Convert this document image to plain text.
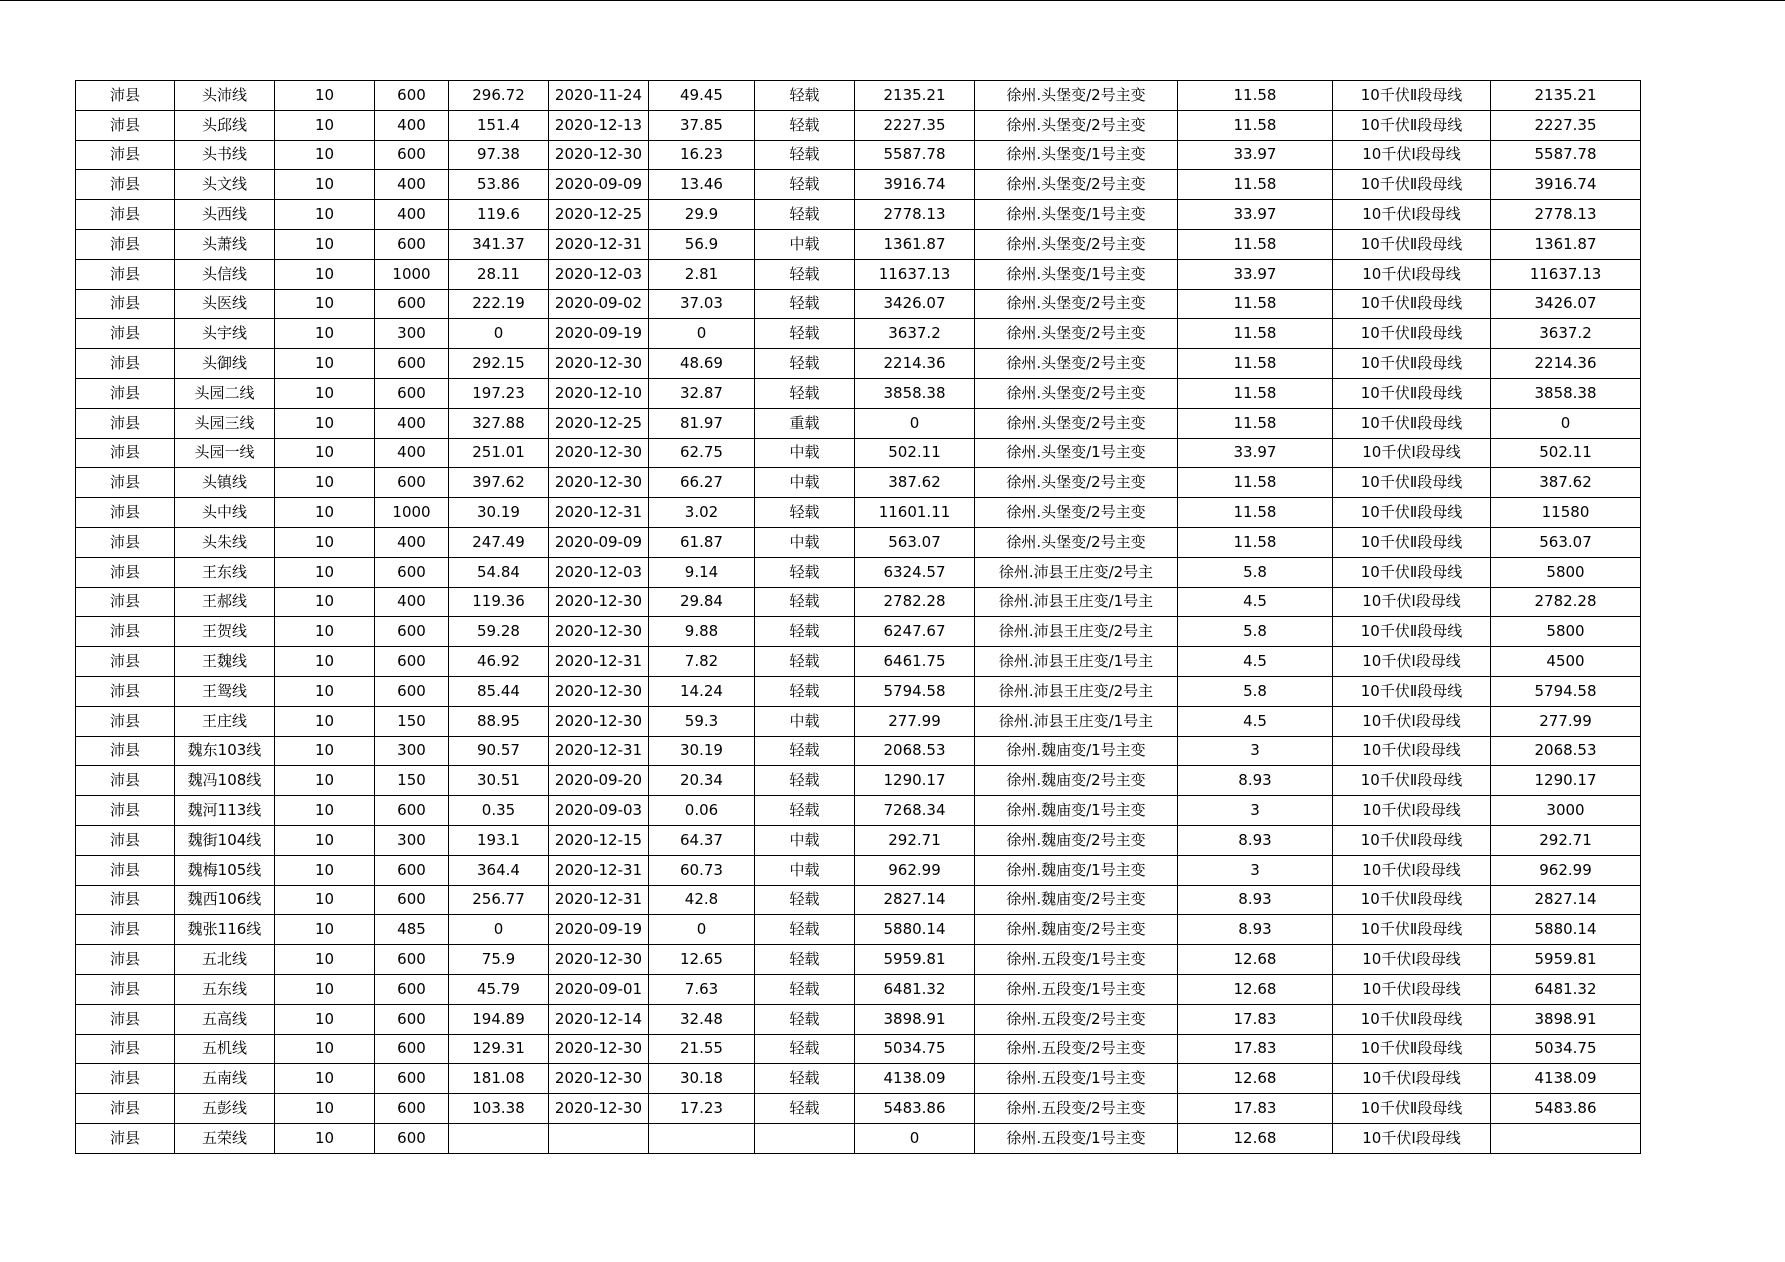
沛县	头沛线	10	600	296.72	2020-11-24	49.45	轻载	2135.21	徐州.头堡变/2号主变	11.58	10千伏Ⅱ段母线	2135.21
沛县	头邱线	10	400	151.4	2020-12-13	37.85	轻载	2227.35	徐州.头堡变/2号主变	11.58	10千伏Ⅱ段母线	2227.35
沛县	头书线	10	600	97.38	2020-12-30	16.23	轻载	5587.78	徐州.头堡变/1号主变	33.97	10千伏Ⅰ段母线	5587.78
沛县	头文线	10	400	53.86	2020-09-09	13.46	轻载	3916.74	徐州.头堡变/2号主变	11.58	10千伏Ⅱ段母线	3916.74
沛县	头西线	10	400	119.6	2020-12-25	29.9	轻载	2778.13	徐州.头堡变/1号主变	33.97	10千伏Ⅰ段母线	2778.13
沛县	头萧线	10	600	341.37	2020-12-31	56.9	中载	1361.87	徐州.头堡变/2号主变	11.58	10千伏Ⅱ段母线	1361.87
沛县	头信线	10	1000	28.11	2020-12-03	2.81	轻载	11637.13	徐州.头堡变/1号主变	33.97	10千伏Ⅰ段母线	11637.13
沛县	头医线	10	600	222.19	2020-09-02	37.03	轻载	3426.07	徐州.头堡变/2号主变	11.58	10千伏Ⅱ段母线	3426.07
沛县	头宇线	10	300	0	2020-09-19	0	轻载	3637.2	徐州.头堡变/2号主变	11.58	10千伏Ⅱ段母线	3637.2
沛县	头御线	10	600	292.15	2020-12-30	48.69	轻载	2214.36	徐州.头堡变/2号主变	11.58	10千伏Ⅱ段母线	2214.36
沛县	头园二线	10	600	197.23	2020-12-10	32.87	轻载	3858.38	徐州.头堡变/2号主变	11.58	10千伏Ⅱ段母线	3858.38
沛县	头园三线	10	400	327.88	2020-12-25	81.97	重载	0	徐州.头堡变/2号主变	11.58	10千伏Ⅱ段母线	0
沛县	头园一线	10	400	251.01	2020-12-30	62.75	中载	502.11	徐州.头堡变/1号主变	33.97	10千伏Ⅰ段母线	502.11
沛县	头镇线	10	600	397.62	2020-12-30	66.27	中载	387.62	徐州.头堡变/2号主变	11.58	10千伏Ⅱ段母线	387.62
沛县	头中线	10	1000	30.19	2020-12-31	3.02	轻载	11601.11	徐州.头堡变/2号主变	11.58	10千伏Ⅱ段母线	11580
沛县	头朱线	10	400	247.49	2020-09-09	61.87	中载	563.07	徐州.头堡变/2号主变	11.58	10千伏Ⅱ段母线	563.07
沛县	王东线	10	600	54.84	2020-12-03	9.14	轻载	6324.57	徐州.沛县王庄变/2号主	5.8	10千伏Ⅱ段母线	5800
沛县	王郝线	10	400	119.36	2020-12-30	29.84	轻载	2782.28	徐州.沛县王庄变/1号主	4.5	10千伏Ⅰ段母线	2782.28
沛县	王贺线	10	600	59.28	2020-12-30	9.88	轻载	6247.67	徐州.沛县王庄变/2号主	5.8	10千伏Ⅱ段母线	5800
沛县	王魏线	10	600	46.92	2020-12-31	7.82	轻载	6461.75	徐州.沛县王庄变/1号主	4.5	10千伏Ⅰ段母线	4500
沛县	王鸳线	10	600	85.44	2020-12-30	14.24	轻载	5794.58	徐州.沛县王庄变/2号主	5.8	10千伏Ⅱ段母线	5794.58
沛县	王庄线	10	150	88.95	2020-12-30	59.3	中载	277.99	徐州.沛县王庄变/1号主	4.5	10千伏Ⅰ段母线	277.99
沛县	魏东103线	10	300	90.57	2020-12-31	30.19	轻载	2068.53	徐州.魏庙变/1号主变	3	10千伏Ⅰ段母线	2068.53
沛县	魏冯108线	10	150	30.51	2020-09-20	20.34	轻载	1290.17	徐州.魏庙变/2号主变	8.93	10千伏Ⅱ段母线	1290.17
沛县	魏河113线	10	600	0.35	2020-09-03	0.06	轻载	7268.34	徐州.魏庙变/1号主变	3	10千伏Ⅰ段母线	3000
沛县	魏街104线	10	300	193.1	2020-12-15	64.37	中载	292.71	徐州.魏庙变/2号主变	8.93	10千伏Ⅱ段母线	292.71
沛县	魏梅105线	10	600	364.4	2020-12-31	60.73	中载	962.99	徐州.魏庙变/1号主变	3	10千伏Ⅰ段母线	962.99
沛县	魏西106线	10	600	256.77	2020-12-31	42.8	轻载	2827.14	徐州.魏庙变/2号主变	8.93	10千伏Ⅱ段母线	2827.14
沛县	魏张116线	10	485	0	2020-09-19	0	轻载	5880.14	徐州.魏庙变/2号主变	8.93	10千伏Ⅱ段母线	5880.14
沛县	五北线	10	600	75.9	2020-12-30	12.65	轻载	5959.81	徐州.五段变/1号主变	12.68	10千伏Ⅰ段母线	5959.81
沛县	五东线	10	600	45.79	2020-09-01	7.63	轻载	6481.32	徐州.五段变/1号主变	12.68	10千伏Ⅰ段母线	6481.32
沛县	五高线	10	600	194.89	2020-12-14	32.48	轻载	3898.91	徐州.五段变/2号主变	17.83	10千伏Ⅱ段母线	3898.91
沛县	五机线	10	600	129.31	2020-12-30	21.55	轻载	5034.75	徐州.五段变/2号主变	17.83	10千伏Ⅱ段母线	5034.75
沛县	五南线	10	600	181.08	2020-12-30	30.18	轻载	4138.09	徐州.五段变/1号主变	12.68	10千伏Ⅰ段母线	4138.09
沛县	五彭线	10	600	103.38	2020-12-30	17.23	轻载	5483.86	徐州.五段变/2号主变	17.83	10千伏Ⅱ段母线	5483.86
沛县	五荣线	10	600					0	徐州.五段变/1号主变	12.68	10千伏Ⅰ段母线	
